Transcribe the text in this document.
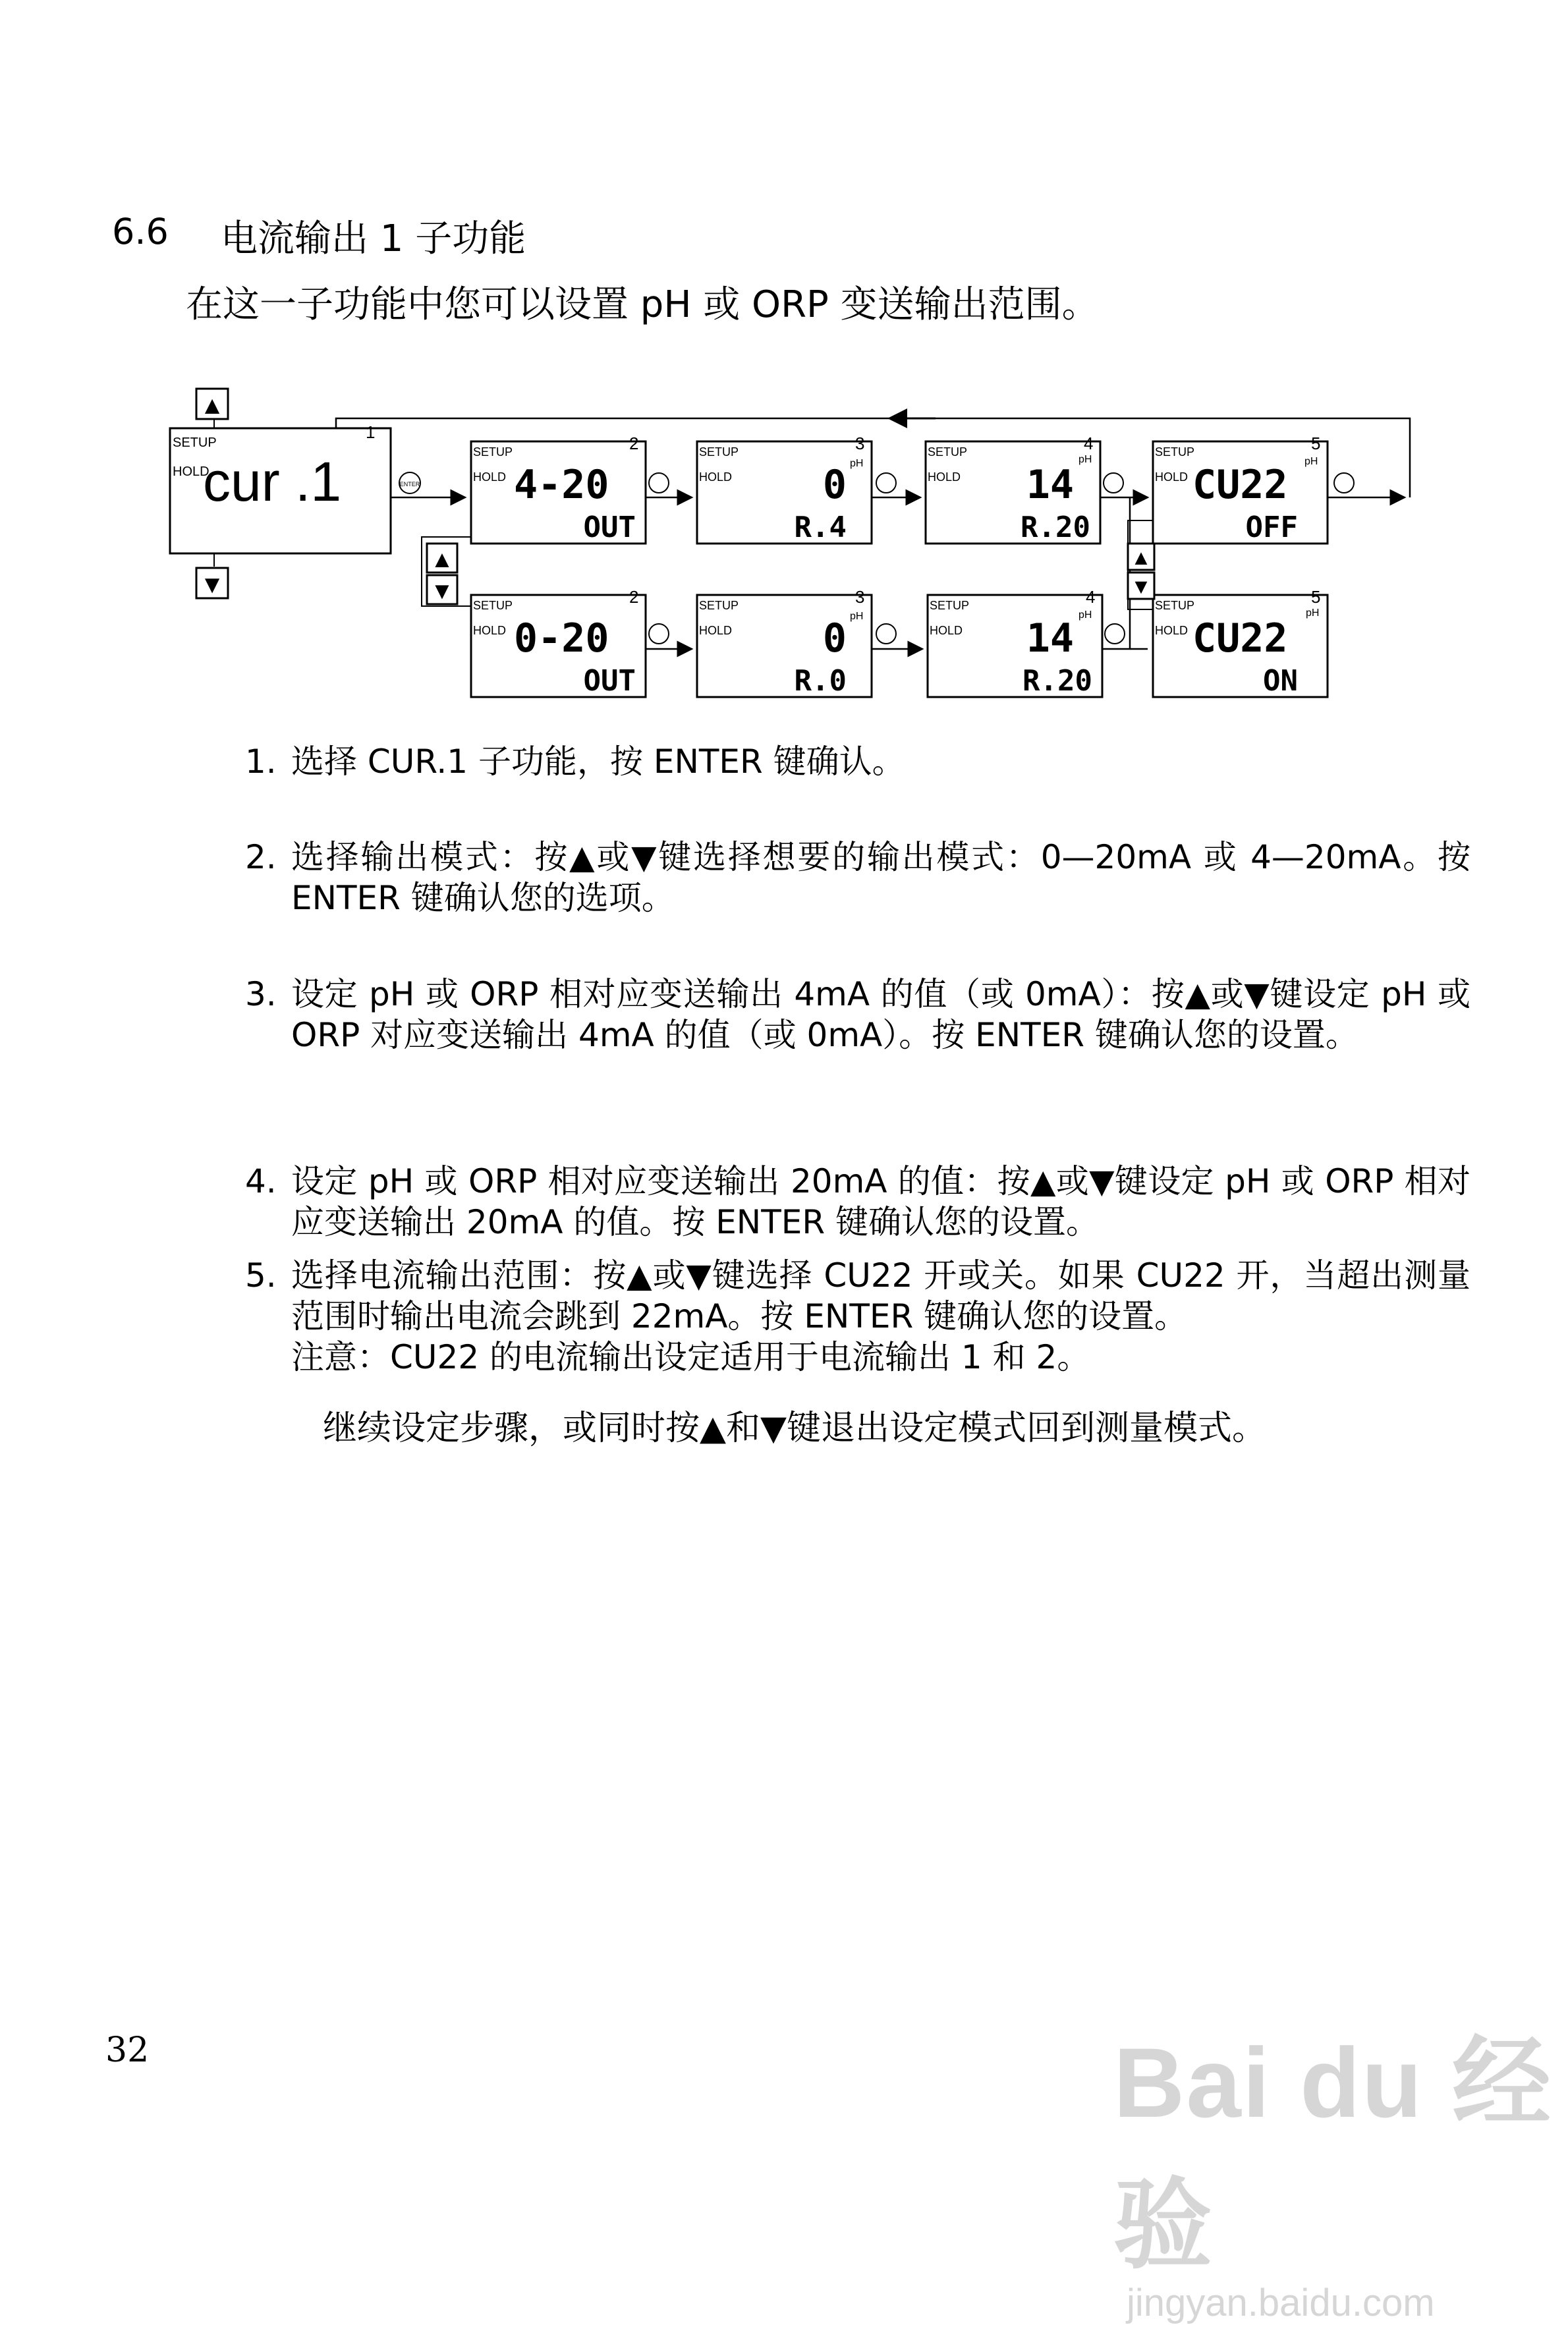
6.6 电流输出 1 子功能
在这一子功能中您可以设置 pH 或 ORP 变送输出范围。
SETUP
HOLD
cur .1
1
▲
▼
ENTER
SETUP
HOLD
2
4-20
OUT
SETUP
HOLD
3
pH
0
R.4
SETUP
HOLD
4
pH
14
R.20
SETUP
HOLD
5
pH
CU22
OFF
▲
▼
SETUP
HOLD
2
0-20
OUT
SETUP
HOLD
3
pH
0
R.0
SETUP
HOLD
4
pH
14
R.20
SETUP
HOLD
5
pH
CU22
ON
▲
▼
1. 选择 CUR.1 子功能，按 ENTER 键确认。
2. 选择输出模式：按▲或▼键选择想要的输出模式：0—20mA 或 4—20mA。按 ENTER 键确认您的选项。
3. 设定 pH 或 ORP 相对应变送输出 4mA 的值（或 0mA）：按▲或▼键设定 pH 或 ORP 对应变送输出 4mA 的值（或 0mA）。按 ENTER 键确认您的设置。
4. 设定 pH 或 ORP 相对应变送输出 20mA 的值：按▲或▼键设定 pH 或 ORP 相对应变送输出 20mA 的值。按 ENTER 键确认您的设置。
5. 选择电流输出范围：按▲或▼键选择 CU22 开或关。如果 CU22 开，当超出测量范围时输出电流会跳到 22mA。按 ENTER 键确认您的设置。
注意：CU22 的电流输出设定适用于电流输出 1 和 2。
继续设定步骤，或同时按▲和▼键退出设定模式回到测量模式。
32	Bai du 经验
jingyan.baidu.com
